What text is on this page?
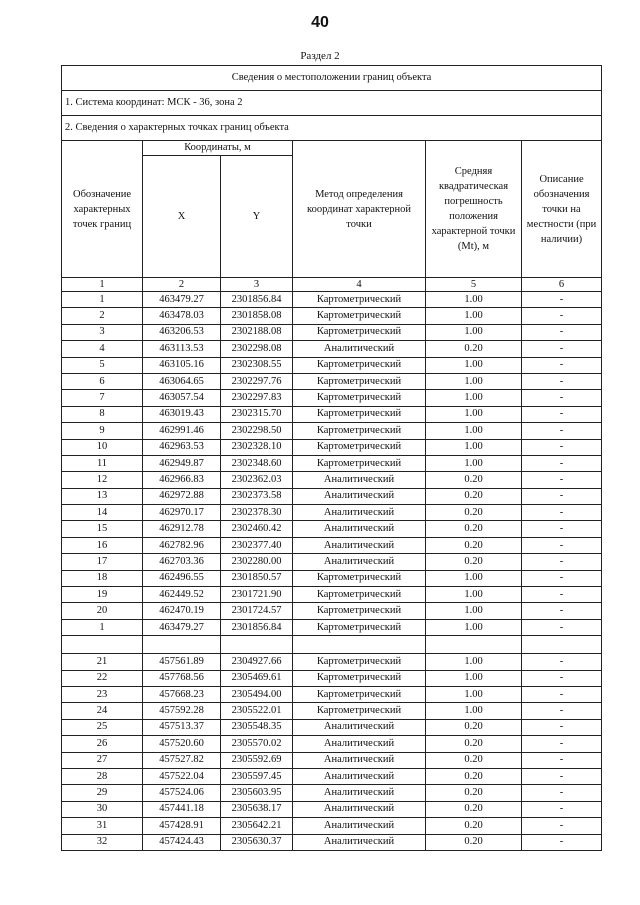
40
Раздел 2
Сведения о местоположении границ объекта					
1. Система координат: МСК - 36, зона 2					
2. Сведения о характерных точках границ объекта					
Обозначение характерных точек границ	Координаты, м		Метод определения координат характерной точки	Средняя квадратическая погрешность положения характерной точки (Mt), м	Описание обозначения точки на местности (при наличии)
	X	Y			
1	2	3	4	5	6
1	463479.27	2301856.84	Картометрический	1.00	-
2	463478.03	2301858.08	Картометрический	1.00	-
3	463206.53	2302188.08	Картометрический	1.00	-
4	463113.53	2302298.08	Аналитический	0.20	-
5	463105.16	2302308.55	Картометрический	1.00	-
6	463064.65	2302297.76	Картометрический	1.00	-
7	463057.54	2302297.83	Картометрический	1.00	-
8	463019.43	2302315.70	Картометрический	1.00	-
9	462991.46	2302298.50	Картометрический	1.00	-
10	462963.53	2302328.10	Картометрический	1.00	-
11	462949.87	2302348.60	Картометрический	1.00	-
12	462966.83	2302362.03	Аналитический	0.20	-
13	462972.88	2302373.58	Аналитический	0.20	-
14	462970.17	2302378.30	Аналитический	0.20	-
15	462912.78	2302460.42	Аналитический	0.20	-
16	462782.96	2302377.40	Аналитический	0.20	-
17	462703.36	2302280.00	Аналитический	0.20	-
18	462496.55	2301850.57	Картометрический	1.00	-
19	462449.52	2301721.90	Картометрический	1.00	-
20	462470.19	2301724.57	Картометрический	1.00	-
1	463479.27	2301856.84	Картометрический	1.00	-

21	457561.89	2304927.66	Картометрический	1.00	-
22	457768.56	2305469.61	Картометрический	1.00	-
23	457668.23	2305494.00	Картометрический	1.00	-
24	457592.28	2305522.01	Картометрический	1.00	-
25	457513.37	2305548.35	Аналитический	0.20	-
26	457520.60	2305570.02	Аналитический	0.20	-
27	457527.82	2305592.69	Аналитический	0.20	-
28	457522.04	2305597.45	Аналитический	0.20	-
29	457524.06	2305603.95	Аналитический	0.20	-
30	457441.18	2305638.17	Аналитический	0.20	-
31	457428.91	2305642.21	Аналитический	0.20	-
32	457424.43	2305630.37	Аналитический	0.20	-
